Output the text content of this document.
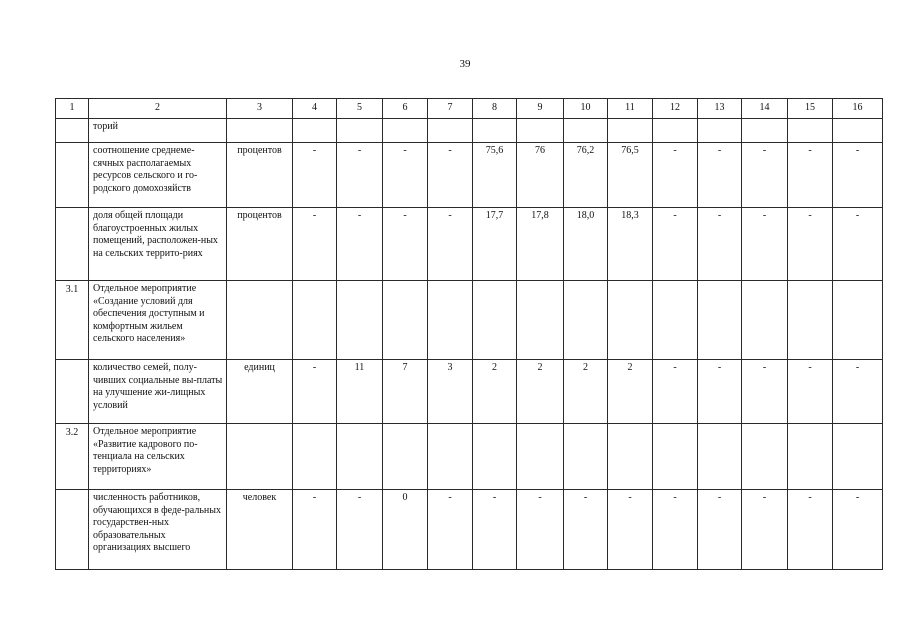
39
1	2	3	4	5	6	7	8	9	10	11	12	13	14	15	16
	торий														
	соотношение среднеме-сячных располагаемых ресурсов сельского и го-родского домохозяйств	процентов	-	-	-	-	75,6	76	76,2	76,5	-	-	-	-	-
	доля общей площади благоустроенных жилых помещений, расположен-ных на сельских террито-риях	процентов	-	-	-	-	17,7	17,8	18,0	18,3	-	-	-	-	-
3.1	Отдельное мероприятие «Создание условий для обеспечения доступным и комфортным жильем сельского населения»														
	количество семей, полу-чивших социальные вы-платы на улучшение жи-лищных условий	единиц	-	11	7	3	2	2	2	2	-	-	-	-	-
3.2	Отдельное мероприятие «Развитие кадрового по-тенциала на сельских территориях»														
	численность работников, обучающихся в феде-ральных государствен-ных образовательных организациях высшего	человек	-	-	0	-	-	-	-	-	-	-	-	-	-
